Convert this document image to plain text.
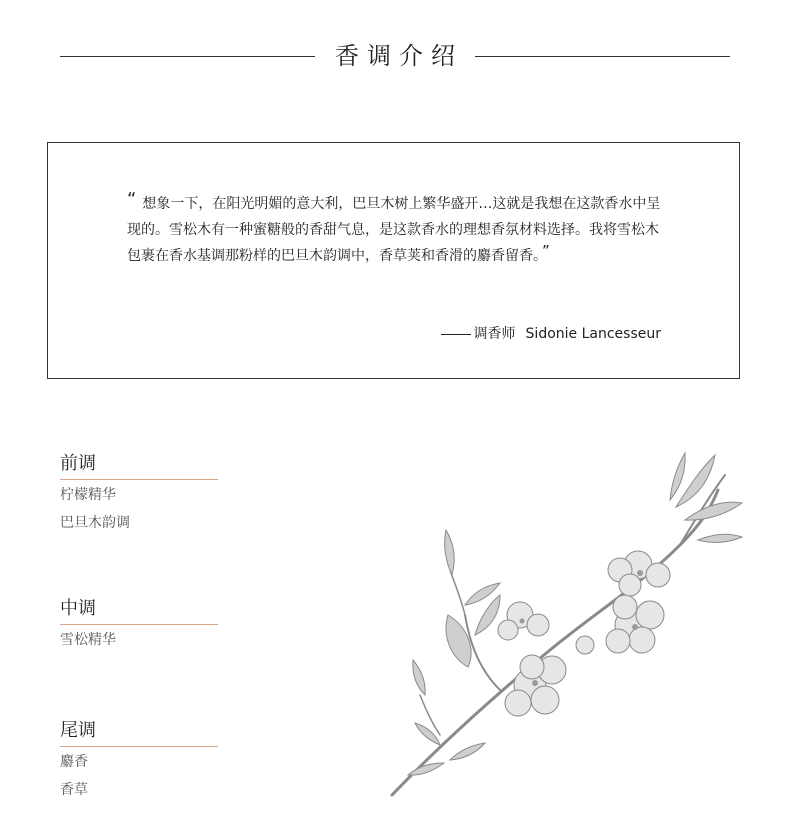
香调介绍
“ 想象一下，在阳光明媚的意大利，巴旦木树上繁华盛开…这就是我想在这款香水中呈现的。雪松木有一种蜜糖般的香甜气息，是这款香水的理想香氛材料选择。我将雪松木包裹在香水基调那粉样的巴旦木韵调中，香草荚和香滑的麝香留香。 ”
调香师 Sidonie Lancesseur
前调
柠檬精华
巴旦木韵调
中调
雪松精华
尾调
麝香
香草
